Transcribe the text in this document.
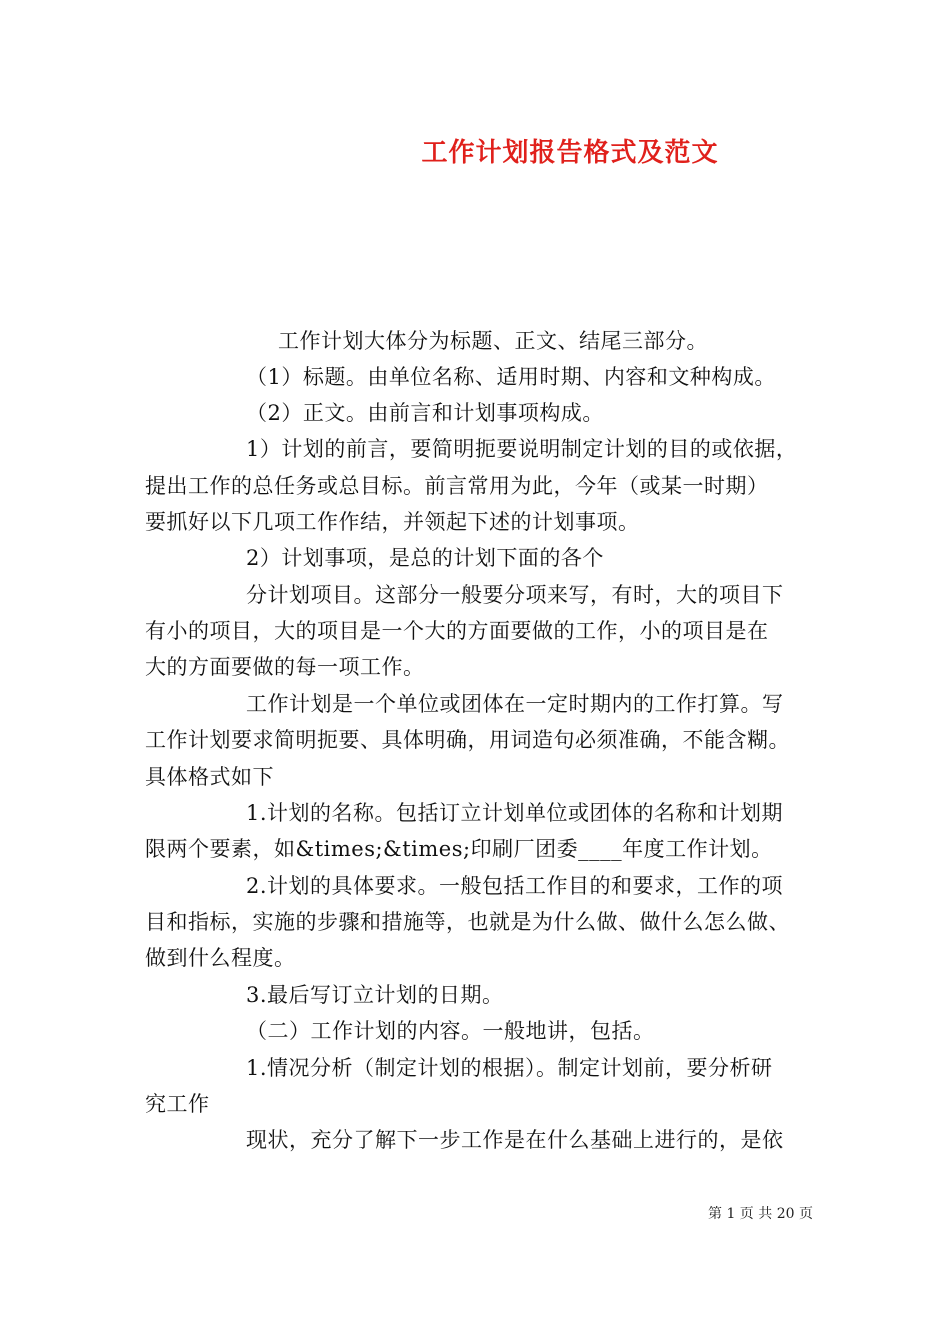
工作计划报告格式及范文
工作计划大体分为标题、正文、结尾三部分。
（1）标题。由单位名称、适用时期、内容和文种构成。
（2）正文。由前言和计划事项构成。
1）计划的前言，要简明扼要说明制定计划的目的或依据，
提出工作的总任务或总目标。前言常用为此，今年（或某一时期）
要抓好以下几项工作作结，并领起下述的计划事项。
2）计划事项，是总的计划下面的各个
分计划项目。这部分一般要分项来写，有时，大的项目下
有小的项目，大的项目是一个大的方面要做的工作，小的项目是在
大的方面要做的每一项工作。
工作计划是一个单位或团体在一定时期内的工作打算。写
工作计划要求简明扼要、具体明确，用词造句必须准确，不能含糊。
具体格式如下
1.计划的名称。包括订立计划单位或团体的名称和计划期
限两个要素，如&times;&times;印刷厂团委____年度工作计划。
2.计划的具体要求。一般包括工作目的和要求，工作的项
目和指标，实施的步骤和措施等，也就是为什么做、做什么怎么做、
做到什么程度。
3.最后写订立计划的日期。
（二）工作计划的内容。一般地讲，包括。
1.情况分析（制定计划的根据）。制定计划前，要分析研
究工作
现状，充分了解下一步工作是在什么基础上进行的，是依
第 1 页 共 20 页
